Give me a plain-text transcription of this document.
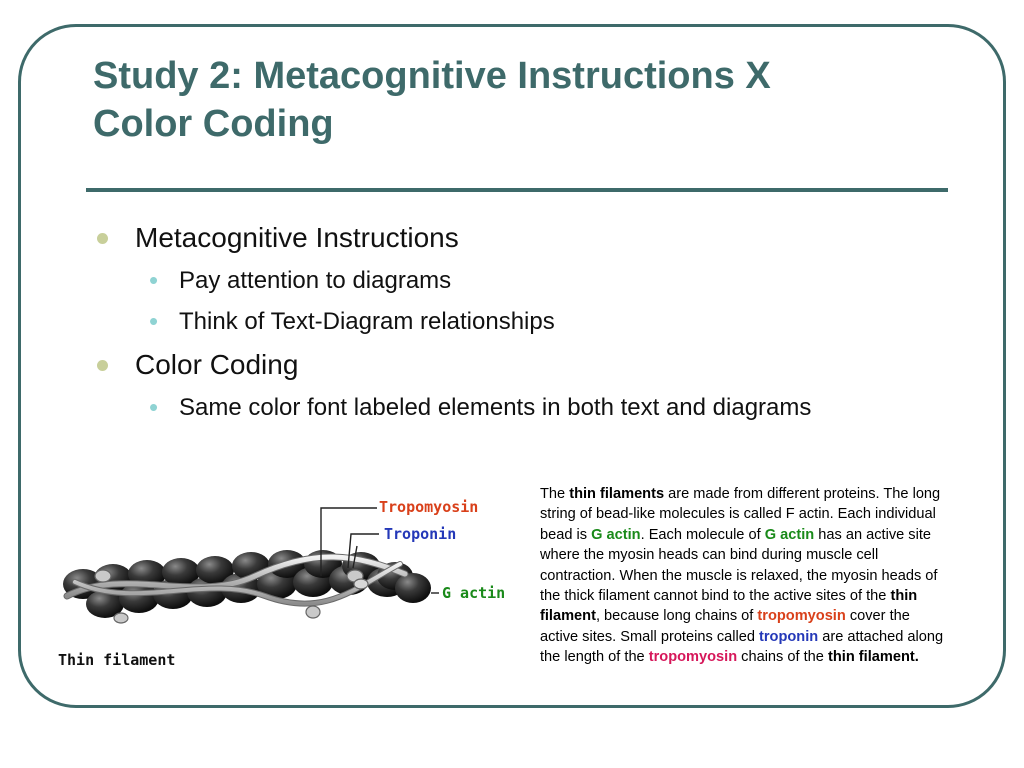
Study 2: Metacognitive Instructions X
Color Coding
Metacognitive Instructions
• Pay attention to diagrams
• Think of Text-Diagram relationships
Color Coding
• Same color font labeled elements in both text and diagrams
Tropomyosin
Troponin
G actin
Thin filament
The thin filaments are made from different proteins. The long string of bead-like molecules is called F actin. Each individual bead is G actin. Each molecule of G actin has an active site where the myosin heads can bind during muscle cell contraction. When the muscle is relaxed, the myosin heads of the thick filament cannot bind to the active sites of the thin filament, because long chains of tropomyosin cover the active sites. Small proteins called troponin are attached along the length of the tropomyosin chains of the thin filament.
